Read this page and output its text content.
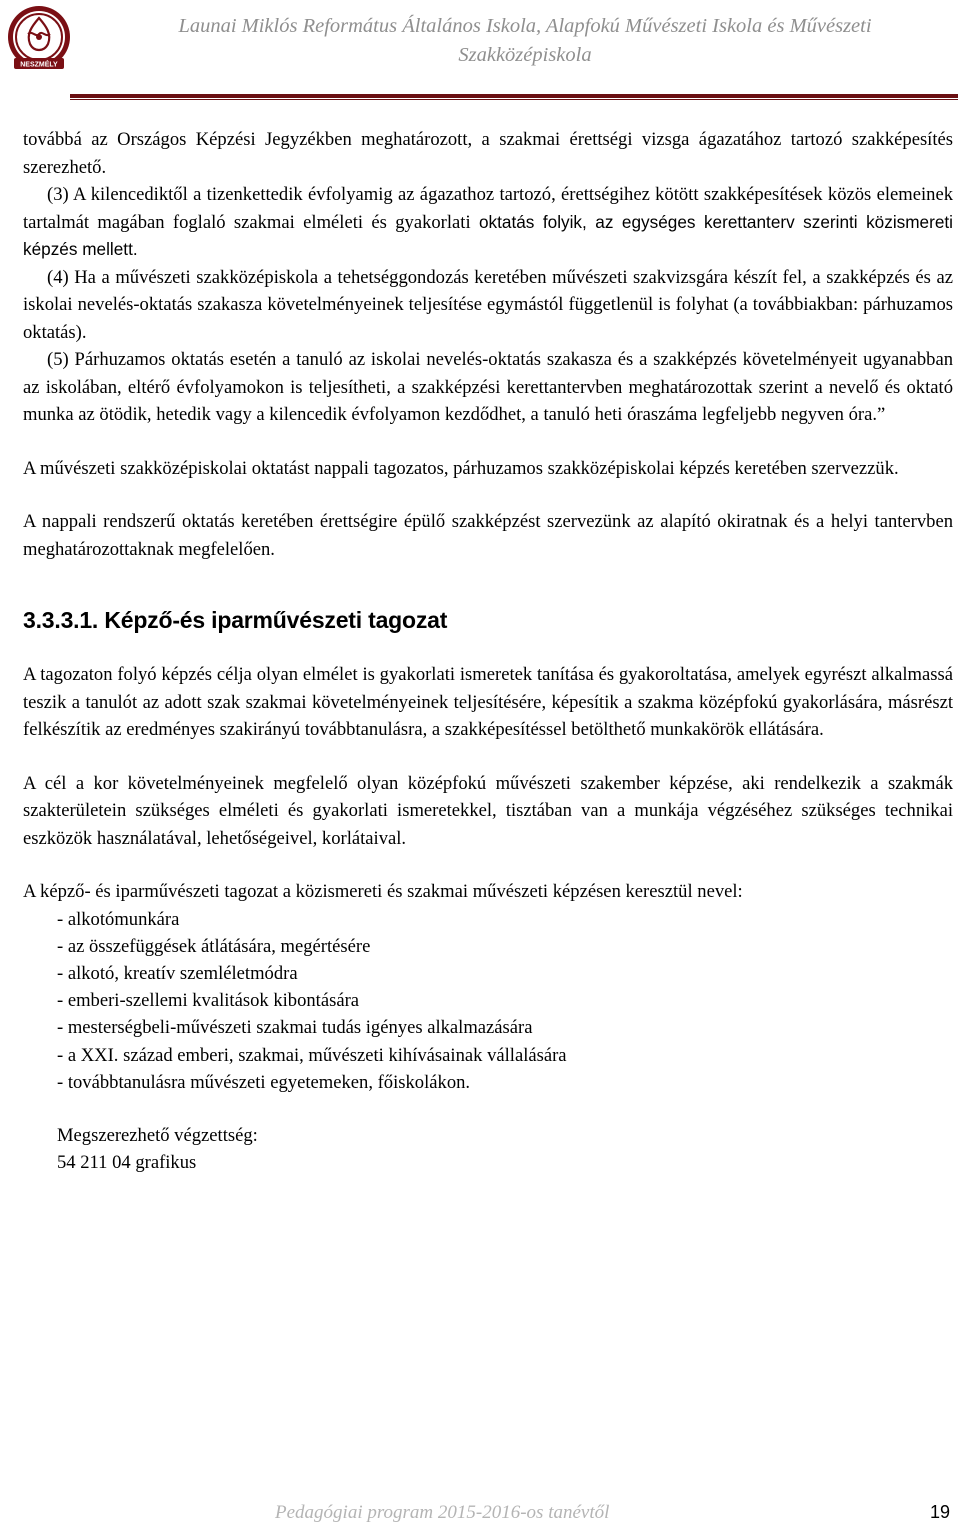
NESZMÉLY
Launai Miklós Református Általános Iskola, Alapfokú Művészeti Iskola és Művészeti
Szakközépiskola

továbbá az Országos Képzési Jegyzékben meghatározott, a szakmai érettségi vizsga ágazatához tartozó szakképesítés szerezhető.

(3) A kilencediktől a tizenkettedik évfolyamig az ágazathoz tartozó, érettségihez kötött szakképesítések közös elemeinek tartalmát magában foglaló szakmai elméleti és gyakorlati oktatás folyik, az egységes kerettanterv szerinti közismereti képzés mellett.

(4) Ha a művészeti szakközépiskola a tehetséggondozás keretében művészeti szakvizsgára készít fel, a szakképzés és az iskolai nevelés-oktatás szakasza követelményeinek teljesítése egymástól függetlenül is folyhat (a továbbiakban: párhuzamos oktatás).

(5) Párhuzamos oktatás esetén a tanuló az iskolai nevelés-oktatás szakasza és a szakképzés követelményeit ugyanabban az iskolában, eltérő évfolyamokon is teljesítheti, a szakképzési kerettantervben meghatározottak szerint a nevelő és oktató munka az ötödik, hetedik vagy a kilencedik évfolyamon kezdődhet, a tanuló heti óraszáma legfeljebb negyven óra.”

A művészeti szakközépiskolai oktatást nappali tagozatos, párhuzamos szakközépiskolai képzés keretében szervezzük.

A nappali rendszerű oktatás keretében érettségire épülő szakképzést szervezünk az alapító okiratnak és a helyi tantervben meghatározottaknak megfelelően.

3.3.3.1. Képző-és iparművészeti tagozat

A tagozaton folyó képzés célja olyan elmélet is gyakorlati ismeretek tanítása és gyakoroltatása, amelyek egyrészt alkalmassá teszik a tanulót az adott szak szakmai követelményeinek teljesítésére, képesítik a szakma középfokú gyakorlására, másrészt felkészítik az eredményes szakirányú továbbtanulásra, a szakképesítéssel betölthető munkakörök ellátására.

A cél a kor követelményeinek megfelelő olyan középfokú művészeti szakember képzése, aki rendelkezik a szakmák szakterületein szükséges elméleti és gyakorlati ismeretekkel, tisztában van a munkája végzéséhez szükséges technikai eszközök használatával, lehetőségeivel, korlátaival.

A képző- és iparművészeti tagozat a közismereti és szakmai művészeti képzésen keresztül nevel:

- alkotómunkára
- az összefüggések átlátására, megértésére
- alkotó, kreatív szemléletmódra
- emberi-szellemi kvalitások kibontására
- mesterségbeli-művészeti szakmai tudás igényes alkalmazására
- a XXI. század emberi, szakmai, művészeti kihívásainak vállalására
- továbbtanulásra művészeti egyetemeken, főiskolákon.
Megszerezhető végzettség:
54 211 04 grafikus
Pedagógiai program 2015-2016-os tanévtől	19
